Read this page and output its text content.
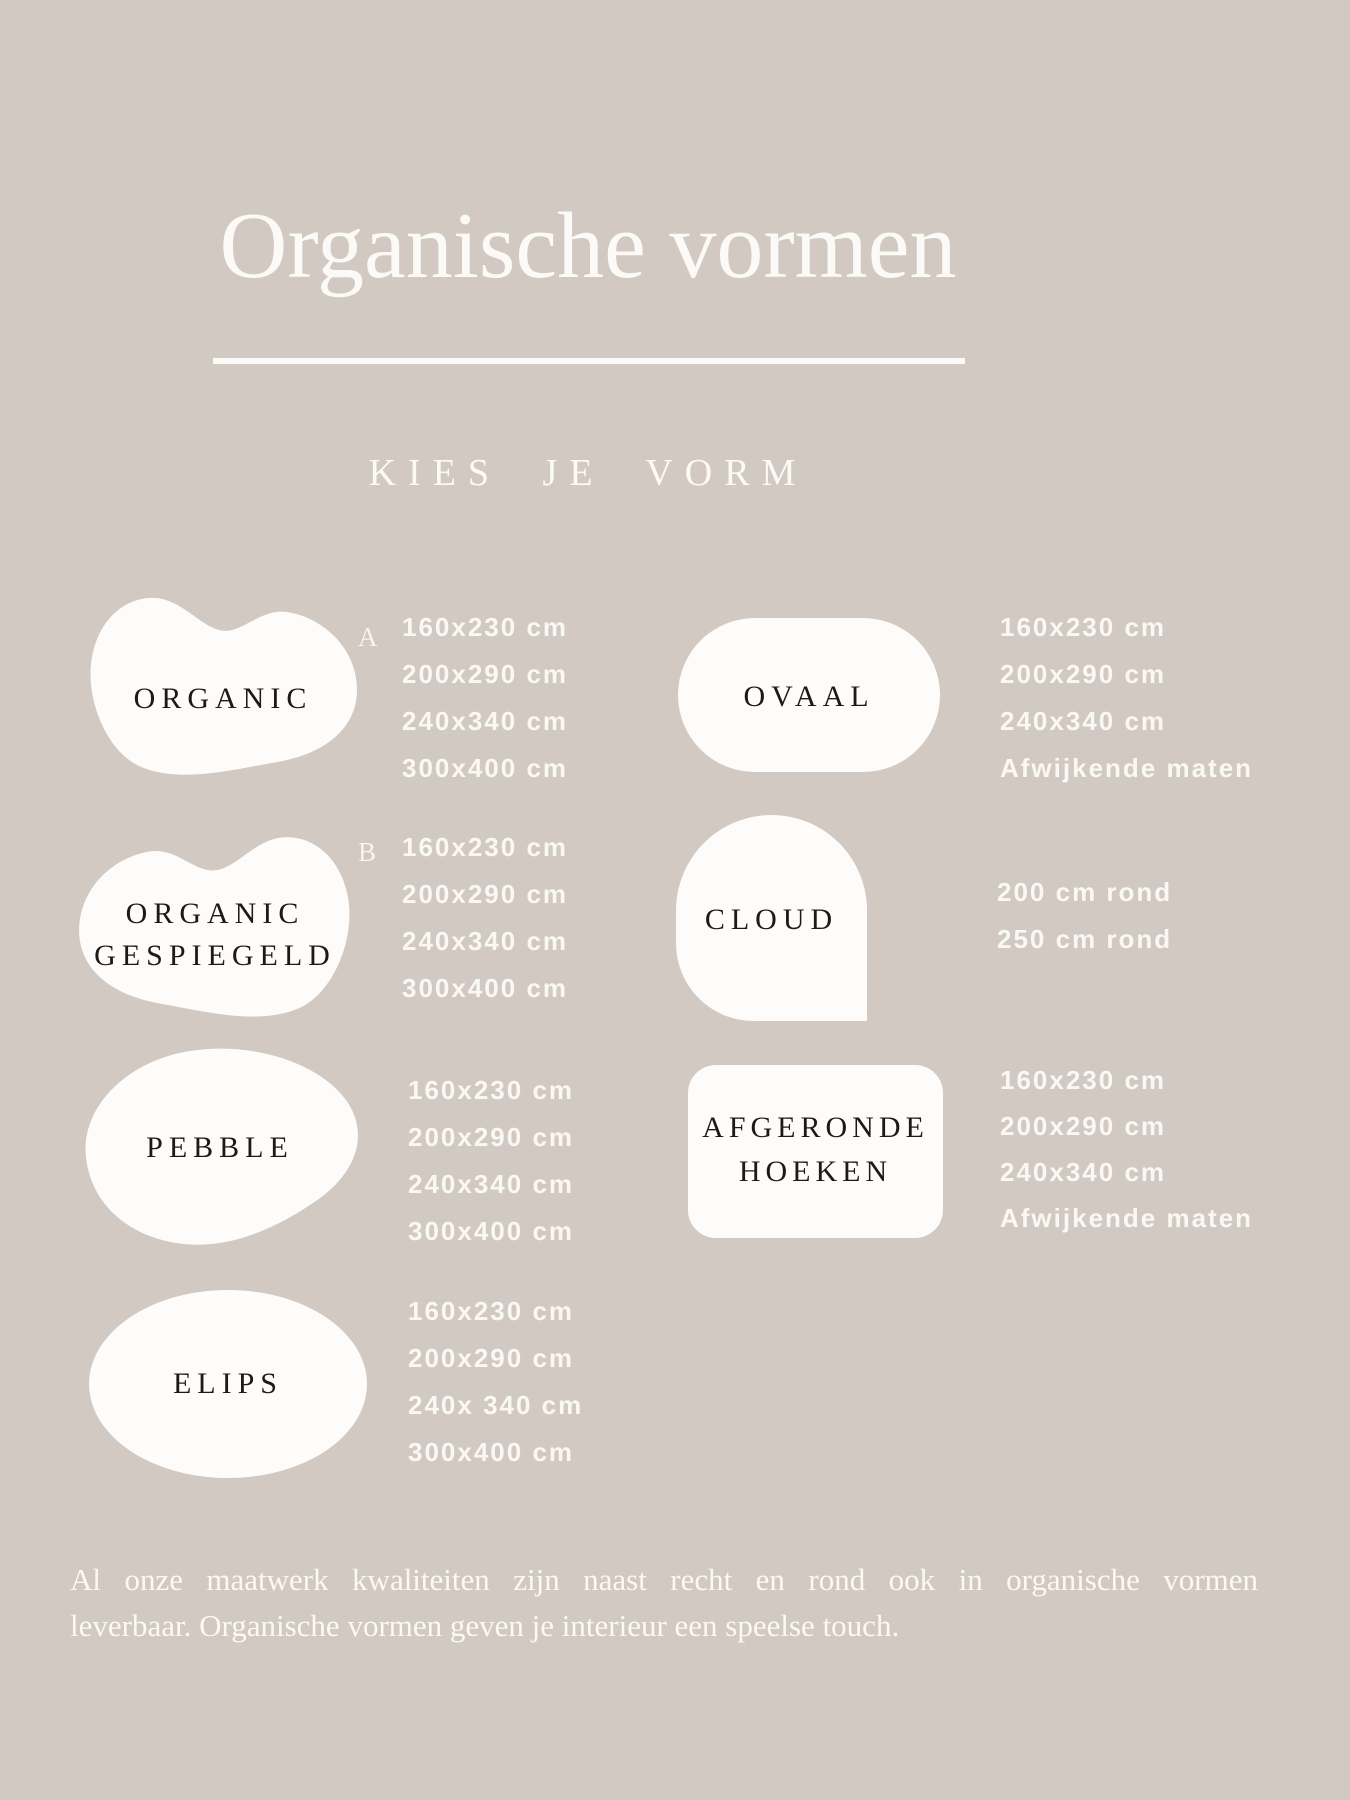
Organische vormen
KIES JE VORM
ORGANIC
A 160x230 cm
200x290 cm
240x340 cm
300x400 cm
ORGANIC
GESPIEGELD
B 160x230 cm
200x290 cm
240x340 cm
300x400 cm
PEBBLE
160x230 cm
200x290 cm
240x340 cm
300x400 cm
ELIPS
160x230 cm
200x290 cm
240x 340 cm
300x400 cm
OVAAL
160x230 cm
200x290 cm
240x340 cm
Afwijkende maten
CLOUD
200 cm rond
250 cm rond
AFGERONDE
HOEKEN
160x230 cm
200x290 cm
240x340 cm
Afwijkende maten
Al onze maatwerk kwaliteiten zijn naast recht en rond ook in organische vormen
leverbaar. Organische vormen geven je interieur een speelse touch.
